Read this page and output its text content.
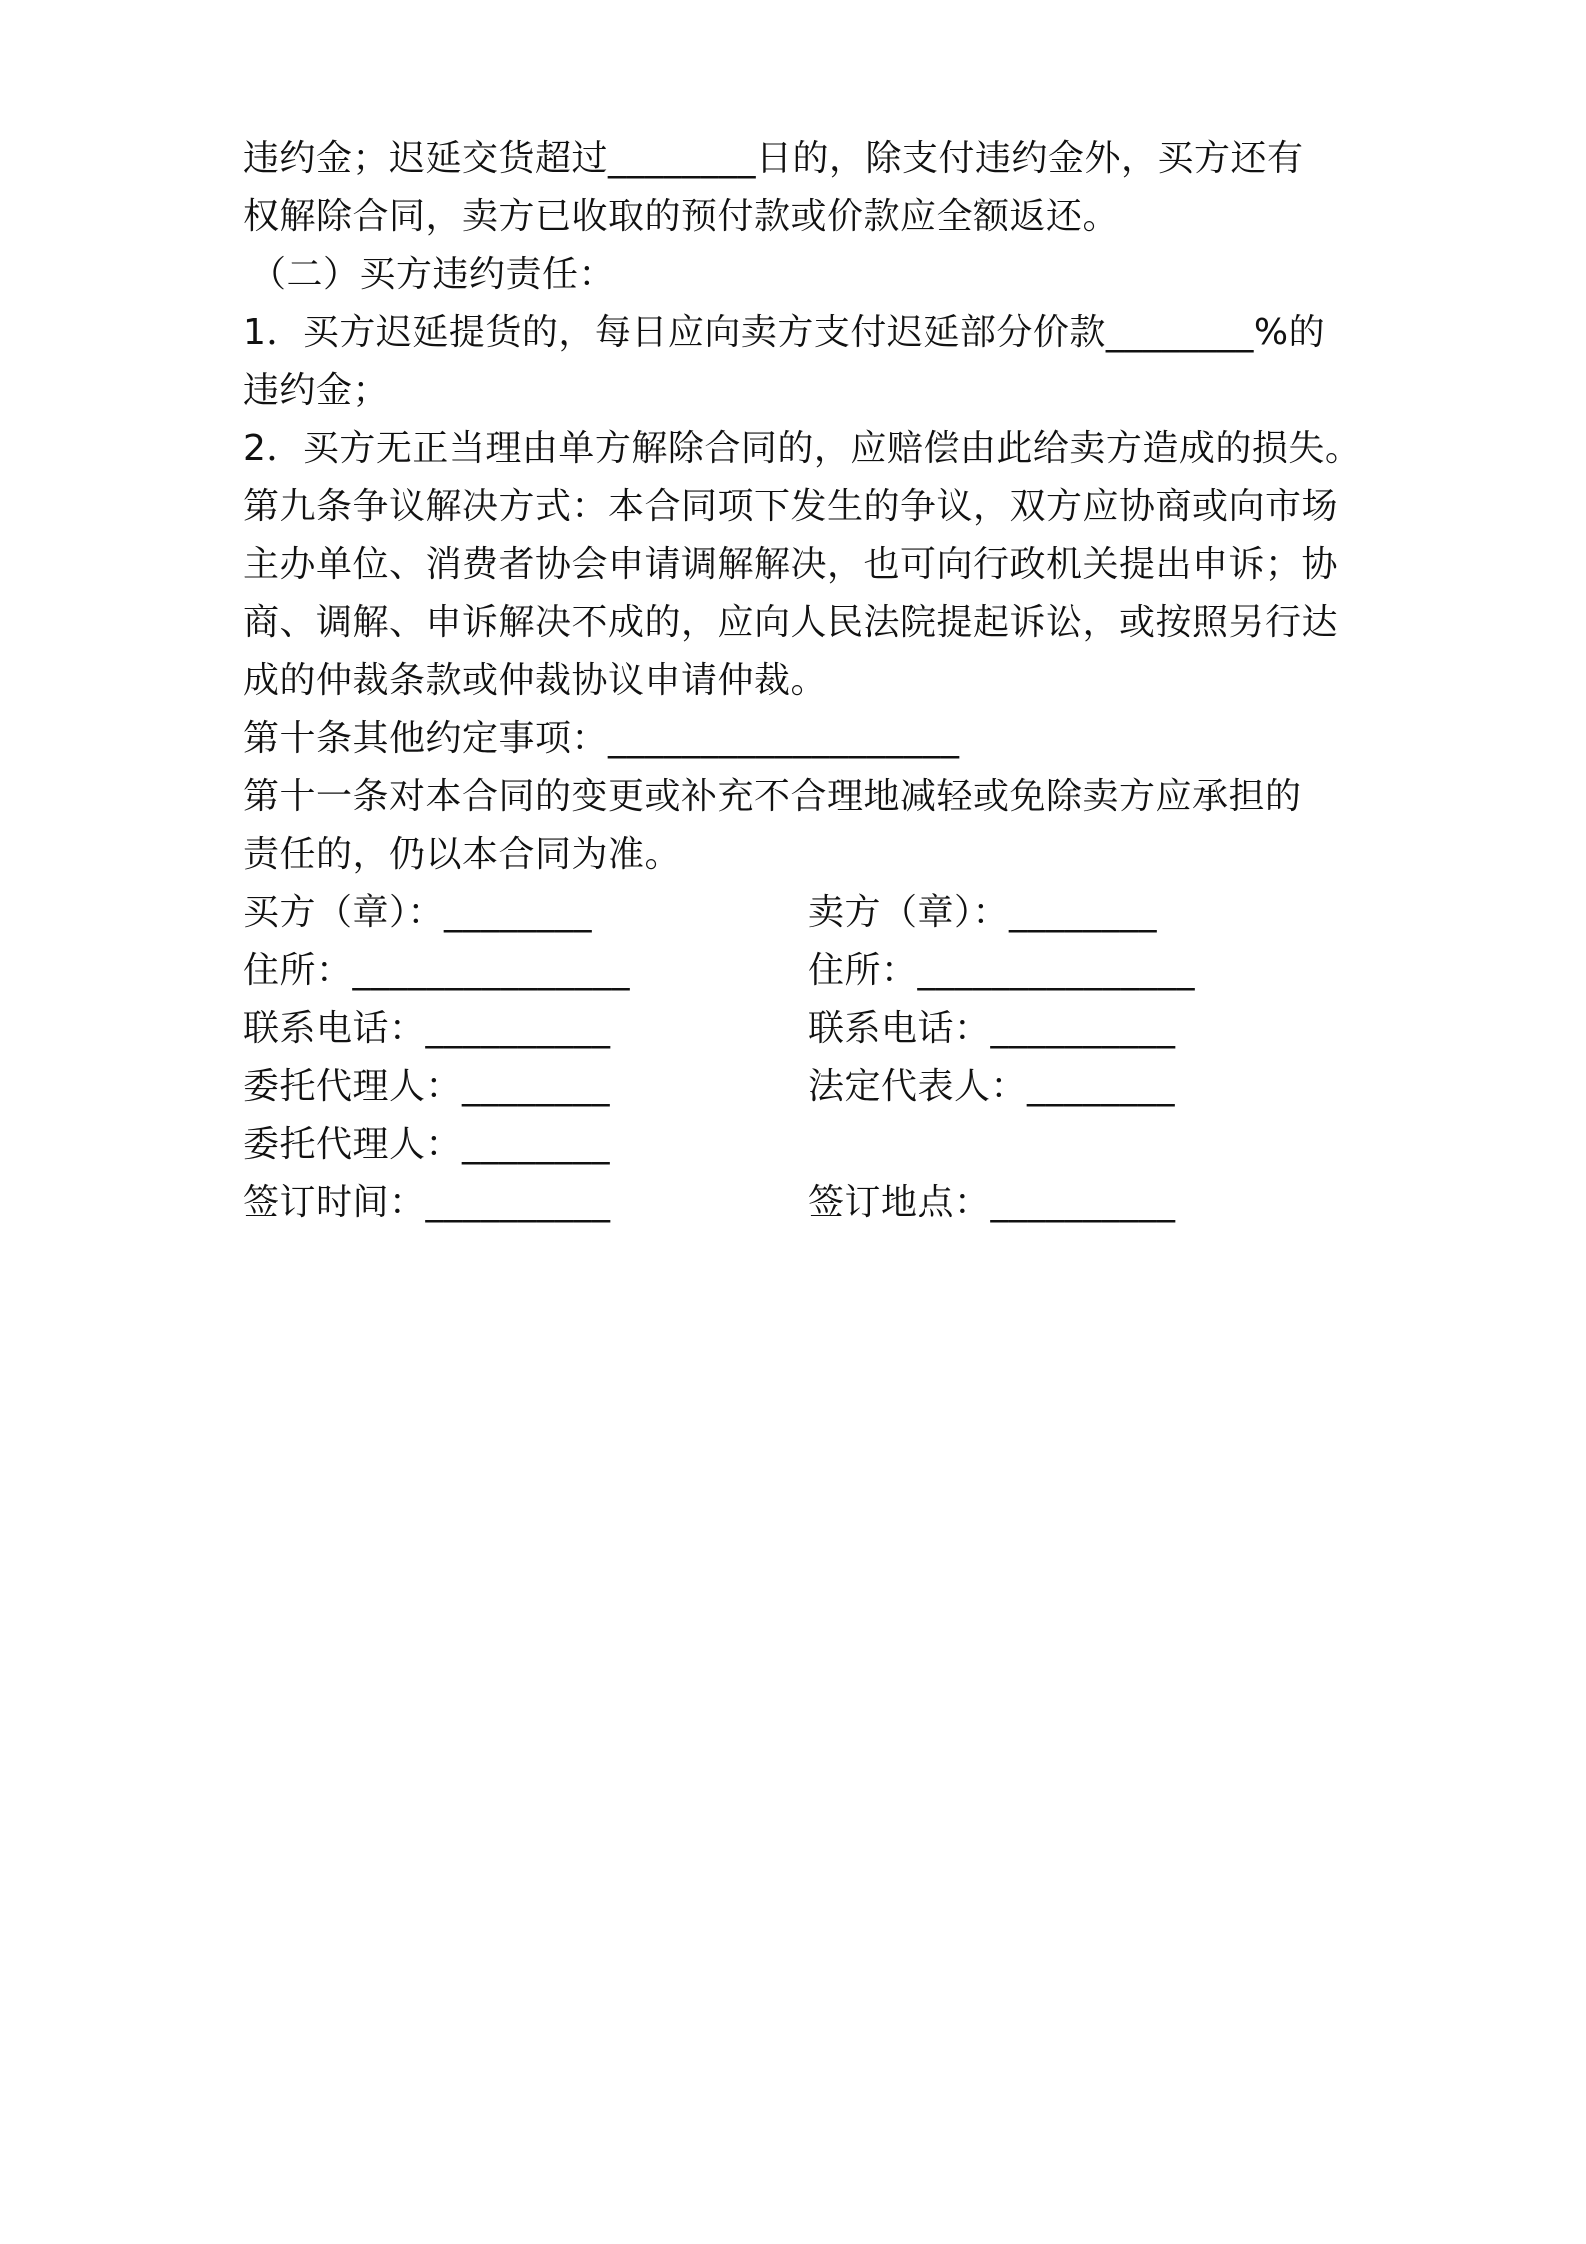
违约金；迟延交货超过________日的，除支付违约金外，买方还有
权解除合同，卖方已收取的预付款或价款应全额返还。
（二）买方违约责任：
1．买方迟延提货的，每日应向卖方支付迟延部分价款________%的
违约金；
2．买方无正当理由单方解除合同的，应赔偿由此给卖方造成的损失。
第九条争议解决方式：本合同项下发生的争议，双方应协商或向市场
主办单位、消费者协会申请调解解决，也可向行政机关提出申诉；协
商、调解、申诉解决不成的，应向人民法院提起诉讼，或按照另行达
成的仲裁条款或仲裁协议申请仲裁。
第十条其他约定事项：___________________
第十一条对本合同的变更或补充不合理地减轻或免除卖方应承担的
责任的，仍以本合同为准。
买方（章）：________	卖方（章）：________
住所：_______________	住所：_______________
联系电话：__________	联系电话：__________
委托代理人：________	法定代表人：________
委托代理人：________
签订时间：__________	签订地点：__________
